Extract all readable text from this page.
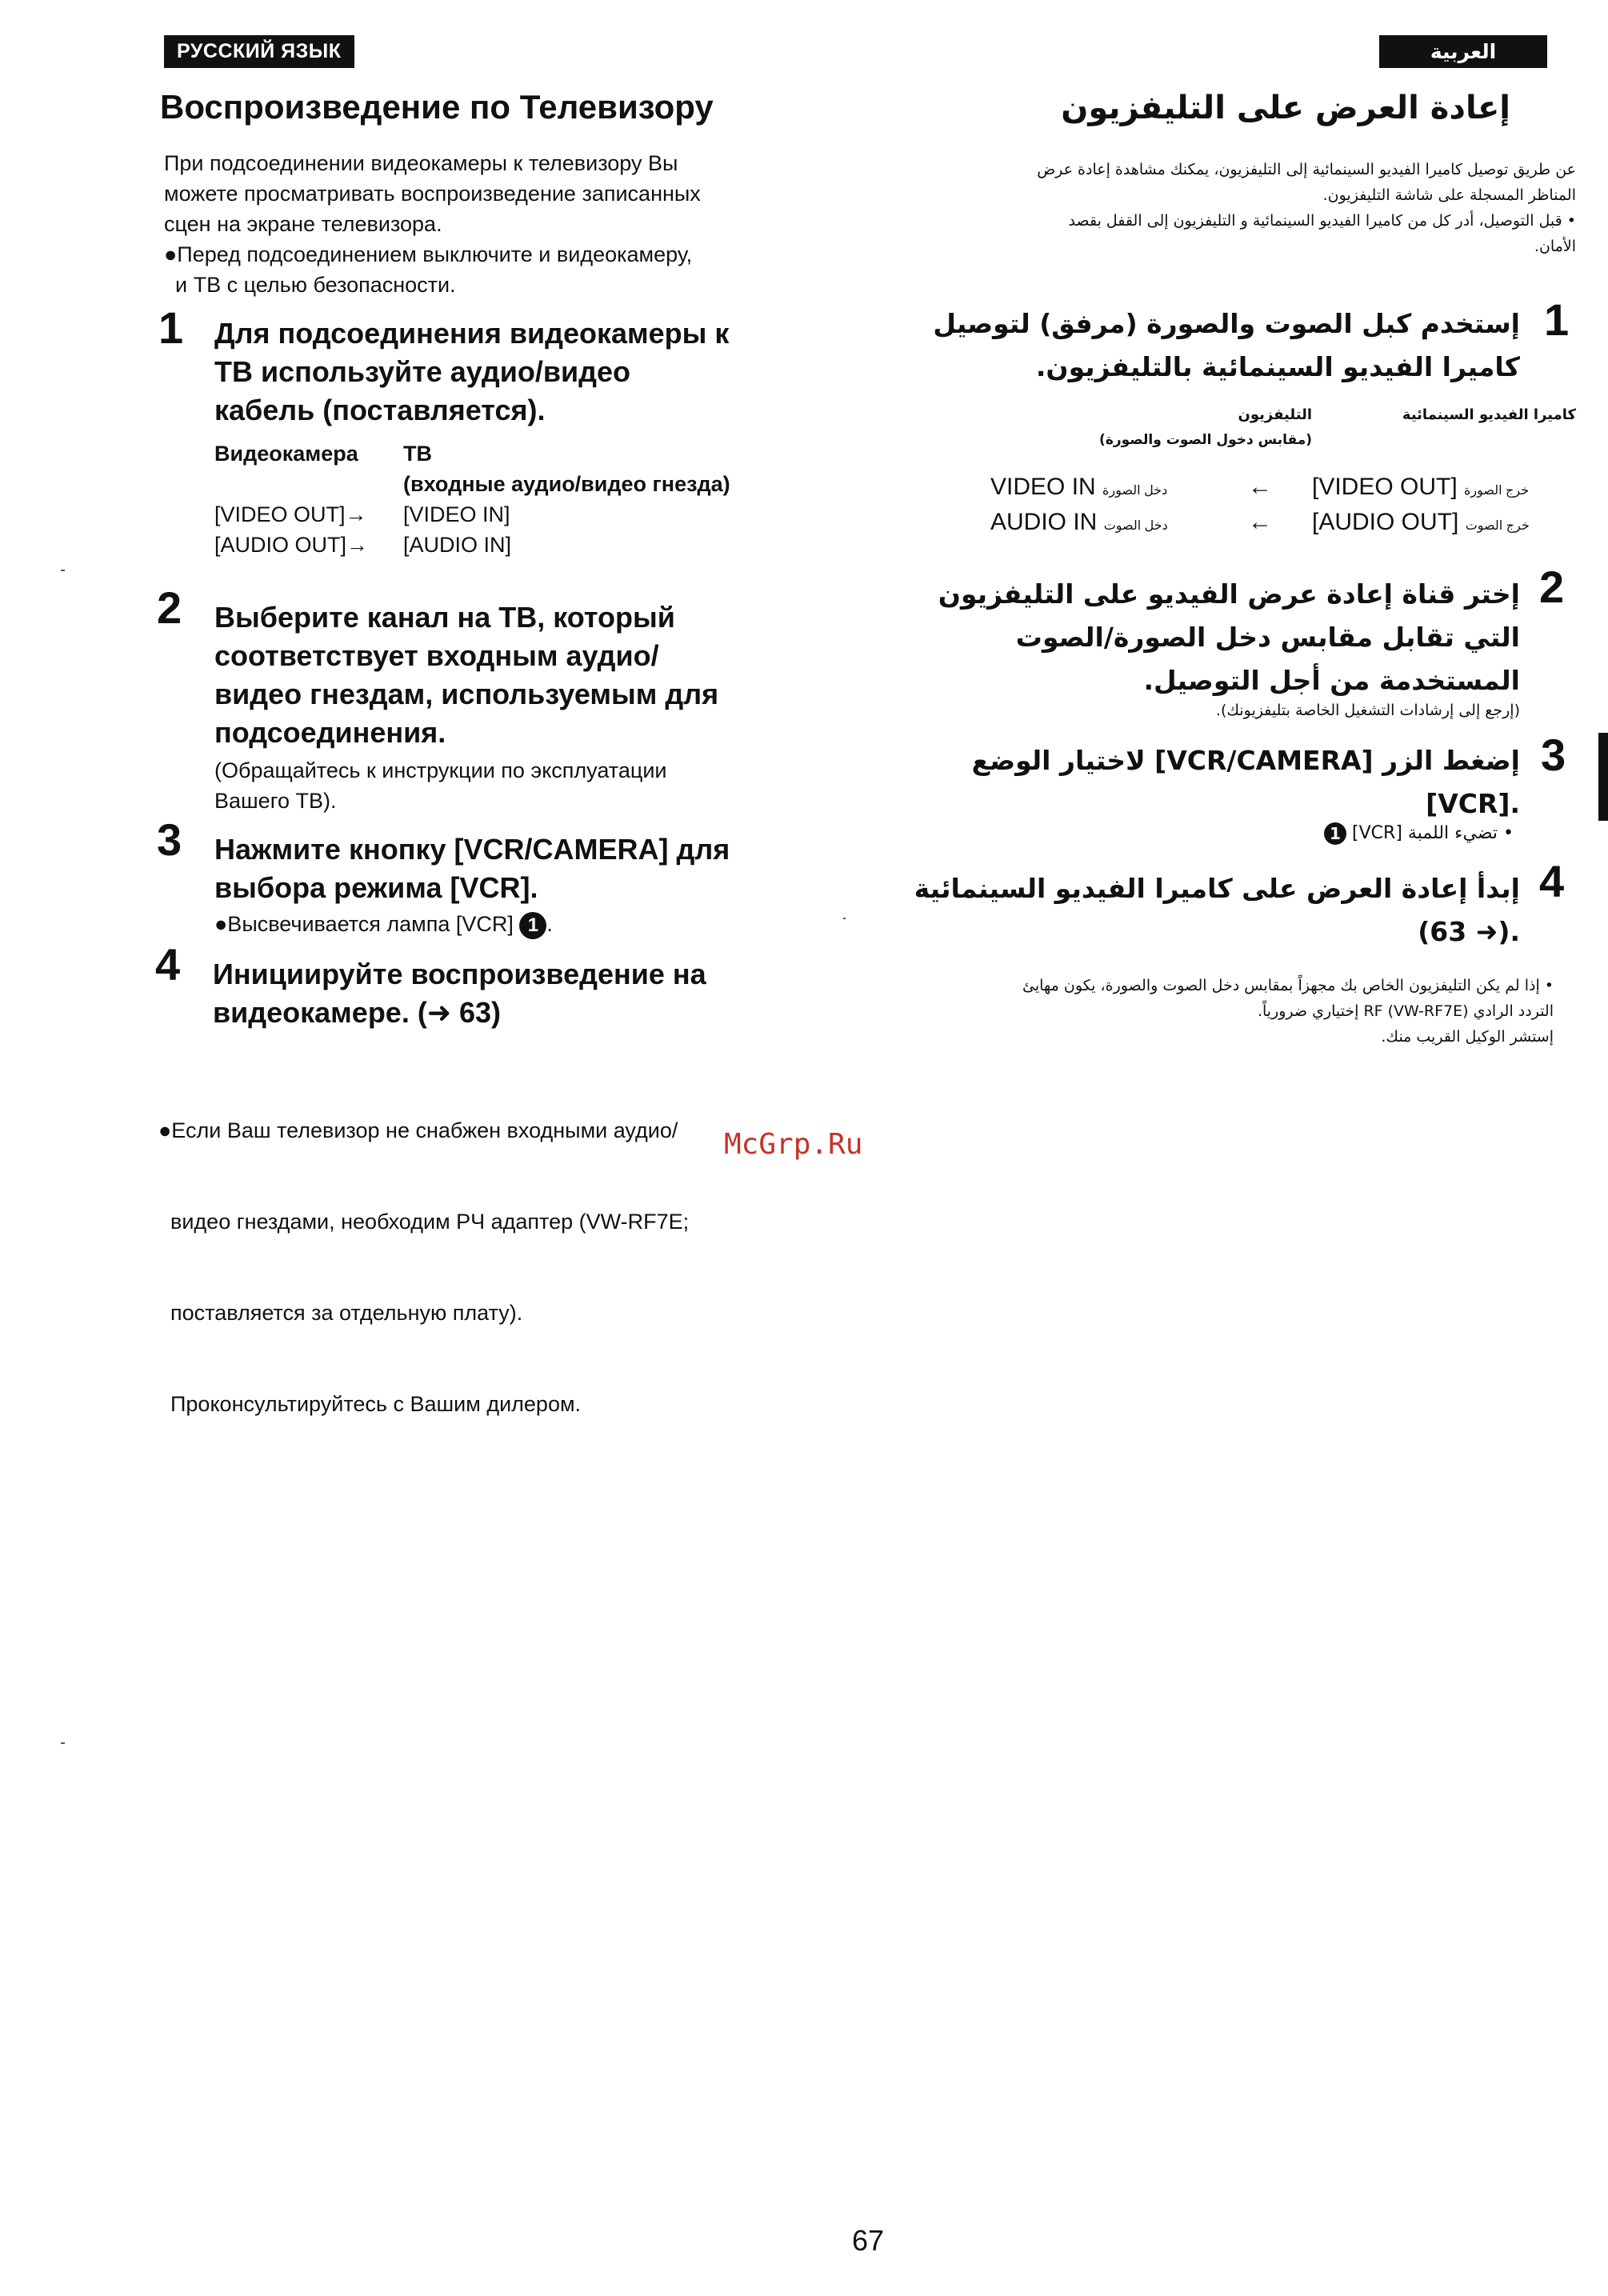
РУССКИЙ ЯЗЫК
Воспроизведение по Телевизору

При подсоединении видеокамеры к телевизору Вы

можете просматривать воспроизведение записанных

сцен на экране телевизора.

●Перед подсоединением выключите и видеокамеру,

и ТВ с целью безопасности.

1 Для подсоединения видеокамеры к
ТВ используйте аудио/видео
кабель (поставляется).
Видеокамера ТВ
(входные аудио/видео гнезда)
[VIDEO OUT]→ [VIDEO IN]
[AUDIO OUT]→ [AUDIO IN]
2 Выберите канал на ТВ, который
соответствует входным аудио/
видео гнездам, используемым для
подсоединения.
(Обращайтесь к инструкции по эксплуатации
Вашего ТВ).
3 Нажмите кнопку [VCR/CAMERA] для
выбора режима [VCR].
●Высвечивается лампа [VCR] 1 .
4 Инициируйте воспроизведение на
видеокамере. (➜ 63)

●Если Ваш телевизор не снабжен входными аудио/

видео гнездами, необходим РЧ адаптер (VW-RF7E;

поставляется за отдельную плату).

Проконсультируйтесь с Вашим дилером.

McGrp.Ru
العربية
إعادة العرض على التليفزيون
عن طريق توصيل كاميرا الفيديو السينمائية إلى التليفزيون، يمكنك مشاهدة إعادة عرض
المناظر المسجلة على شاشة التليفزيون.
• قبل التوصيل، أدر كل من كاميرا الفيديو السينمائية و التليفزيون إلى القفل بقصد
الأمان.
1
إستخدم كبل الصوت والصورة (مرفق) لتوصيل
كاميرا الفيديو السينمائية بالتليفزيون.
كاميرا الفيديو السينمائية
التليفزيون
(مقابس دخول الصوت والصورة)
VIDEO IN دخل الصورة	← [VIDEO OUT] خرج الصورة
AUDIO IN دخل الصوت	← [AUDIO OUT] خرج الصوت
2
إختر قناة إعادة عرض الفيديو على التليفزيون
التي تقابل مقابس دخل الصورة/الصوت
المستخدمة من أجل التوصيل.
(إرجع إلى إرشادات التشغيل الخاصة بتليفزيونك).
3
إضغط الزر [VCR/CAMERA] لاختيار الوضع
.[VCR]
• تضيء اللمبة [VCR] 1
4
إبدأ إعادة العرض على كاميرا الفيديو السينمائية
.(➜ 63)
• إذا لم يكن التليفزيون الخاص بك مجهزاً بمقابس دخل الصوت والصورة، يكون مهايئ
التردد الرادي RF (VW-RF7E) إختياري ضرورياً.
إستشر الوكيل القريب منك.
67
